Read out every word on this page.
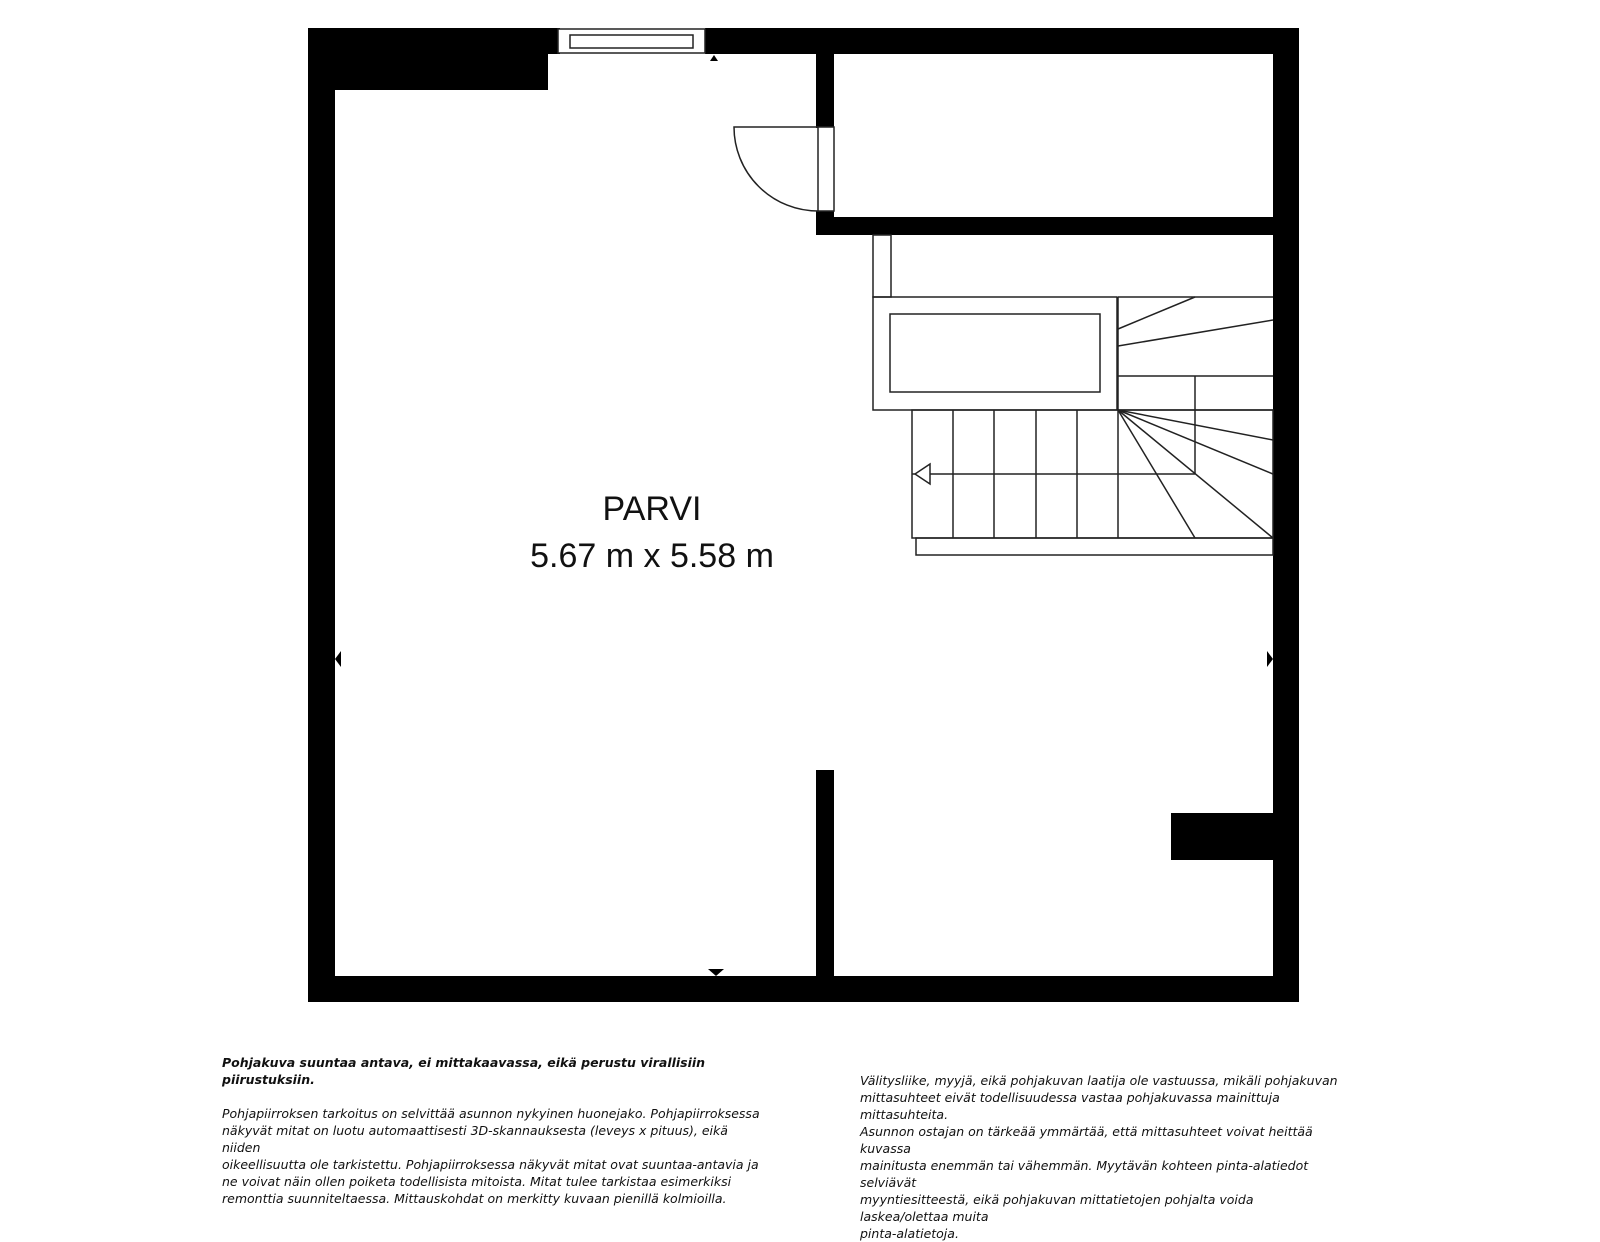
PARVI
5.67 m x 5.58 m

Pohjakuva suuntaa antava, ei mittakaavassa, eikä perustu virallisiin piirustuksiin.

Pohjapiirroksen tarkoitus on selvittää asunnon nykyinen huonejako. Pohjapiirroksessa

näkyvät mitat on luotu automaattisesti 3D-skannauksesta (leveys x pituus), eikä niiden

oikeellisuutta ole tarkistettu. Pohjapiirroksessa näkyvät mitat ovat suuntaa-antavia ja

ne voivat näin ollen poiketa todellisista mitoista. Mitat tulee tarkistaa esimerkiksi

remonttia suunniteltaessa. Mittauskohdat on merkitty kuvaan pienillä kolmioilla.

Välitysliike, myyjä, eikä pohjakuvan laatija ole vastuussa, mikäli pohjakuvan

mittasuhteet eivät todellisuudessa vastaa pohjakuvassa mainittuja mittasuhteita.

Asunnon ostajan on tärkeää ymmärtää, että mittasuhteet voivat heittää kuvassa

mainitusta enemmän tai vähemmän. Myytävän kohteen pinta-alatiedot selviävät

myyntiesitteestä, eikä pohjakuvan mittatietojen pohjalta voida laskea/olettaa muita

pinta-alatietoja.
